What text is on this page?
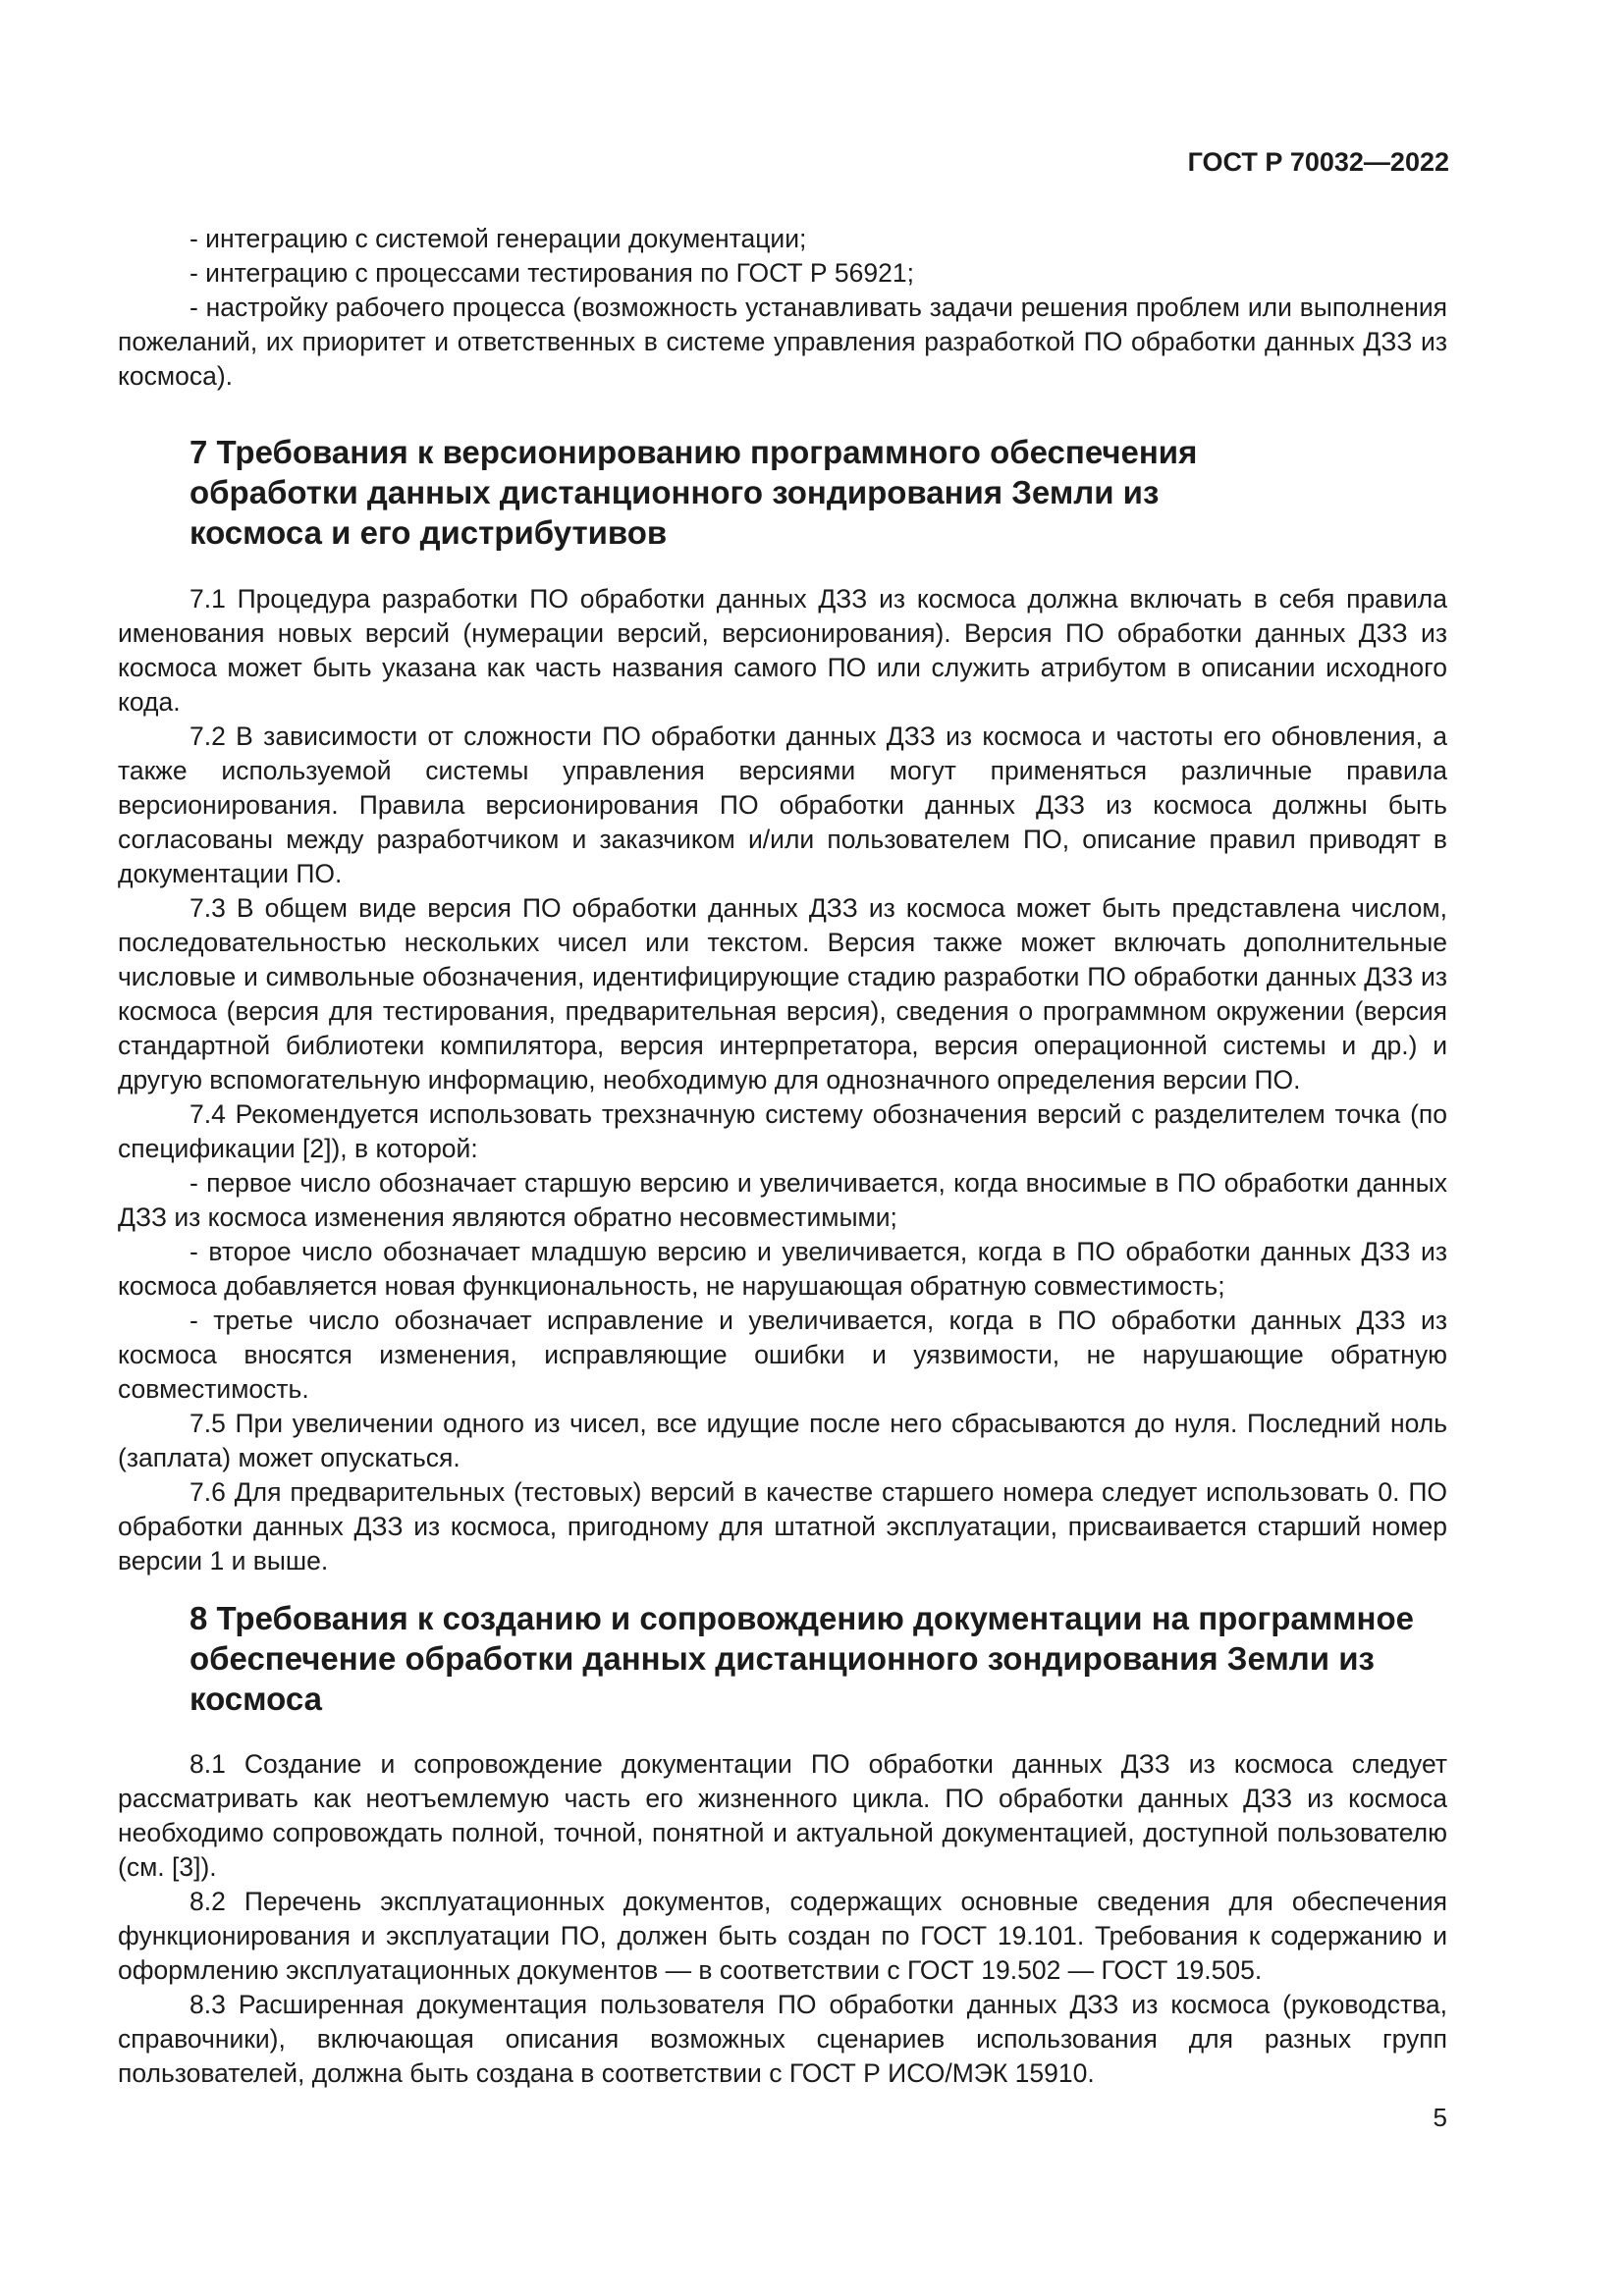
ГОСТ Р 70032—2022

- интеграцию с системой генерации документации;

- интеграцию с процессами тестирования по ГОСТ Р 56921;

- настройку рабочего процесса (возможность устанавливать задачи решения проблем или выполнения пожеланий, их приоритет и ответственных в системе управления разработкой ПО обработки данных ДЗЗ из космоса).

7 Требования к версионированию программного обеспечения обработки данных дистанционного зондирования Земли из космоса и его дистрибутивов

7.1 Процедура разработки ПО обработки данных ДЗЗ из космоса должна включать в себя правила именования новых версий (нумерации версий, версионирования). Версия ПО обработки данных ДЗЗ из космоса может быть указана как часть названия самого ПО или служить атрибутом в описании исходного кода.

7.2 В зависимости от сложности ПО обработки данных ДЗЗ из космоса и частоты его обновления, а также используемой системы управления версиями могут применяться различные правила версионирования. Правила версионирования ПО обработки данных ДЗЗ из космоса должны быть согласованы между разработчиком и заказчиком и/или пользователем ПО, описание правил приводят в документации ПО.

7.3 В общем виде версия ПО обработки данных ДЗЗ из космоса может быть представлена числом, последовательностью нескольких чисел или текстом. Версия также может включать дополнительные числовые и символьные обозначения, идентифицирующие стадию разработки ПО обработки данных ДЗЗ из космоса (версия для тестирования, предварительная версия), сведения о программном окружении (версия стандартной библиотеки компилятора, версия интерпретатора, версия операционной системы и др.) и другую вспомогательную информацию, необходимую для однозначного определения версии ПО.

7.4 Рекомендуется использовать трехзначную систему обозначения версий с разделителем точка (по спецификации [2]), в которой:

- первое число обозначает старшую версию и увеличивается, когда вносимые в ПО обработки данных ДЗЗ из космоса изменения являются обратно несовместимыми;

- второе число обозначает младшую версию и увеличивается, когда в ПО обработки данных ДЗЗ из космоса добавляется новая функциональность, не нарушающая обратную совместимость;

- третье число обозначает исправление и увеличивается, когда в ПО обработки данных ДЗЗ из космоса вносятся изменения, исправляющие ошибки и уязвимости, не нарушающие обратную совместимость.

7.5 При увеличении одного из чисел, все идущие после него сбрасываются до нуля. Последний ноль (заплата) может опускаться.

7.6 Для предварительных (тестовых) версий в качестве старшего номера следует использовать 0. ПО обработки данных ДЗЗ из космоса, пригодному для штатной эксплуатации, присваивается старший номер версии 1 и выше.

8 Требования к созданию и сопровождению документации на программное обеспечение обработки данных дистанционного зондирования Земли из космоса

8.1 Создание и сопровождение документации ПО обработки данных ДЗЗ из космоса следует рассматривать как неотъемлемую часть его жизненного цикла. ПО обработки данных ДЗЗ из космоса необходимо сопровождать полной, точной, понятной и актуальной документацией, доступной пользователю (см. [3]).

8.2 Перечень эксплуатационных документов, содержащих основные сведения для обеспечения функционирования и эксплуатации ПО, должен быть создан по ГОСТ 19.101. Требования к содержанию и оформлению эксплуатационных документов — в соответствии с ГОСТ 19.502 — ГОСТ 19.505.

8.3 Расширенная документация пользователя ПО обработки данных ДЗЗ из космоса (руководства, справочники), включающая описания возможных сценариев использования для разных групп пользователей, должна быть создана в соответствии с ГОСТ Р ИСО/МЭК 15910.

5
